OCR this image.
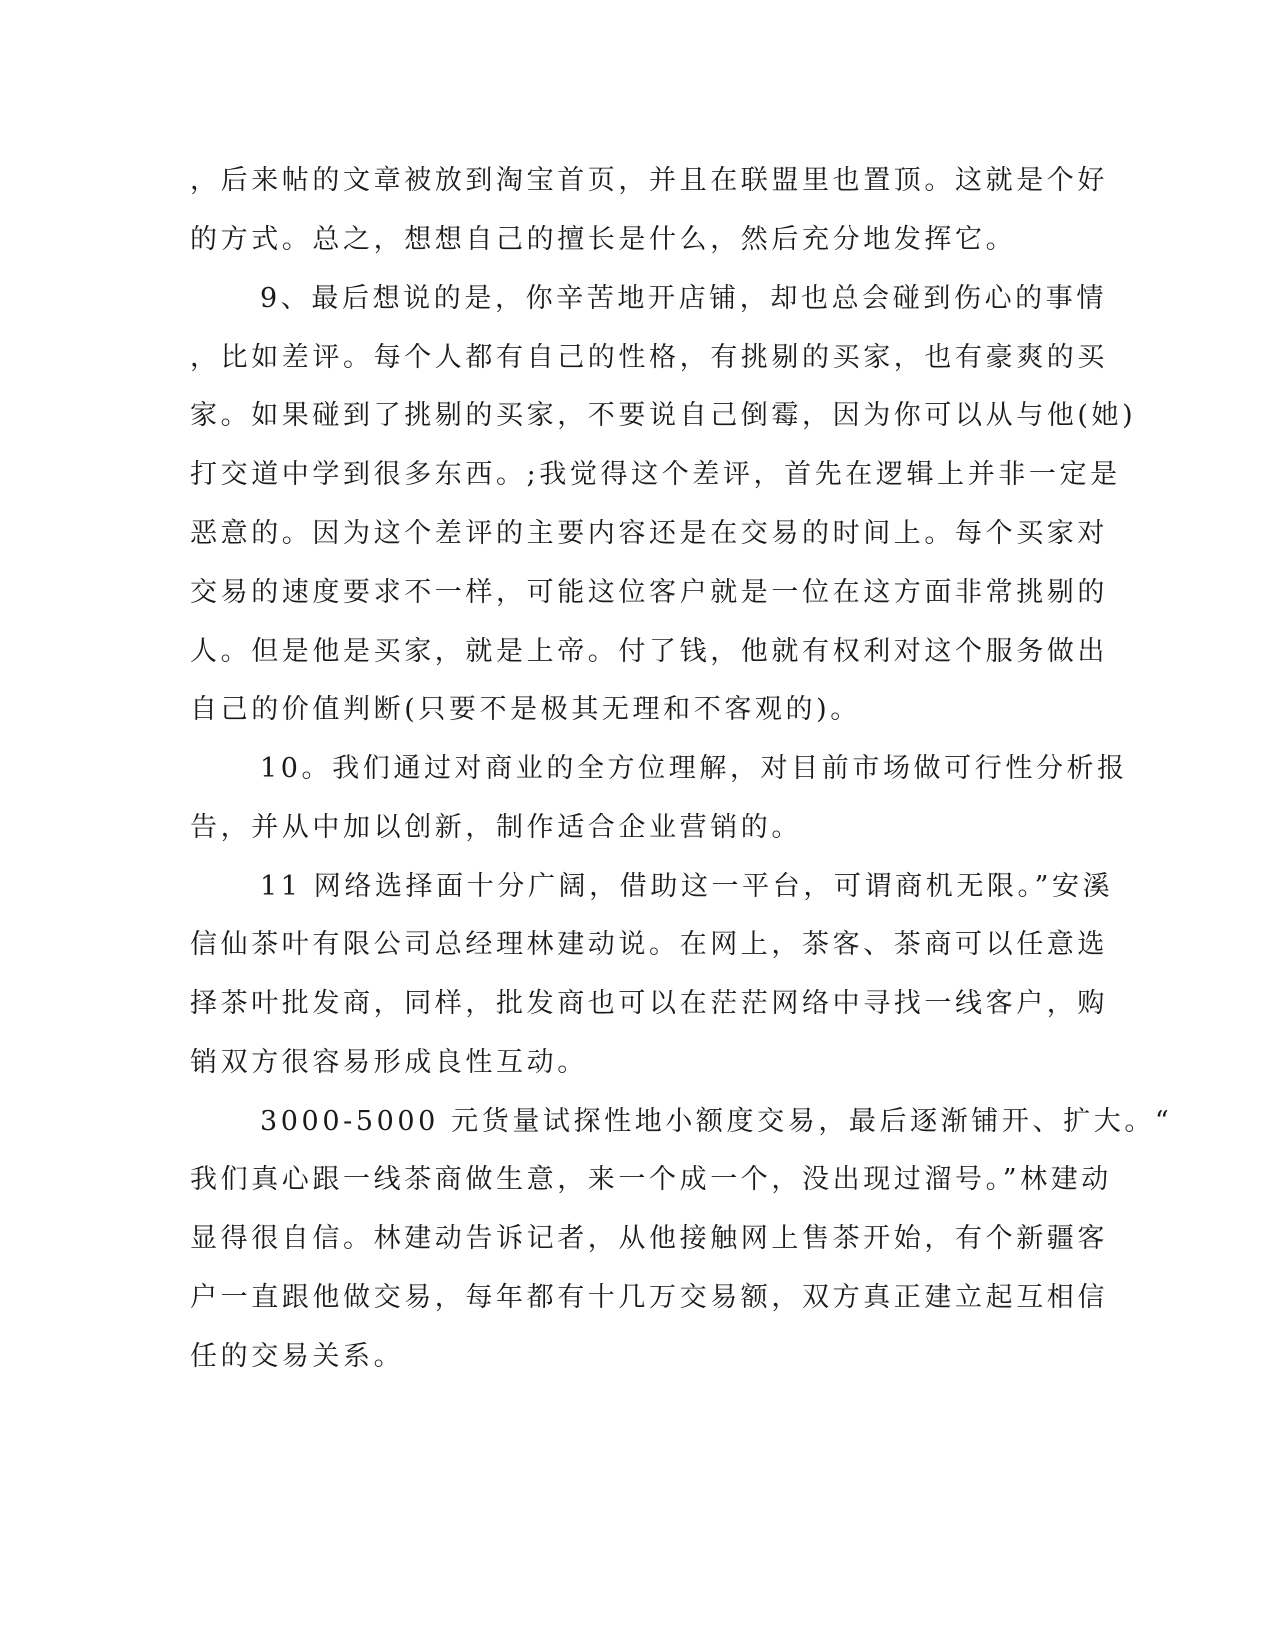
，后来帖的文章被放到淘宝首页，并且在联盟里也置顶。这就是个好
的方式。总之，想想自己的擅长是什么，然后充分地发挥它。
9、最后想说的是，你辛苦地开店铺，却也总会碰到伤心的事情
，比如差评。每个人都有自己的性格，有挑剔的买家，也有豪爽的买
家。如果碰到了挑剔的买家，不要说自己倒霉，因为你可以从与他(她)
打交道中学到很多东西。;我觉得这个差评，首先在逻辑上并非一定是
恶意的。因为这个差评的主要内容还是在交易的时间上。每个买家对
交易的速度要求不一样，可能这位客户就是一位在这方面非常挑剔的
人。但是他是买家，就是上帝。付了钱，他就有权利对这个服务做出
自己的价值判断(只要不是极其无理和不客观的)。
10。我们通过对商业的全方位理解，对目前市场做可行性分析报
告，并从中加以创新，制作适合企业营销的。
11 网络选择面十分广阔，借助这一平台，可谓商机无限。”安溪
信仙茶叶有限公司总经理林建动说。在网上，茶客、茶商可以任意选
择茶叶批发商，同样，批发商也可以在茫茫网络中寻找一线客户，购
销双方很容易形成良性互动。
3000-5000 元货量试探性地小额度交易，最后逐渐铺开、扩大。“
我们真心跟一线茶商做生意，来一个成一个，没出现过溜号。”林建动
显得很自信。林建动告诉记者，从他接触网上售茶开始，有个新疆客
户一直跟他做交易，每年都有十几万交易额，双方真正建立起互相信
任的交易关系。
